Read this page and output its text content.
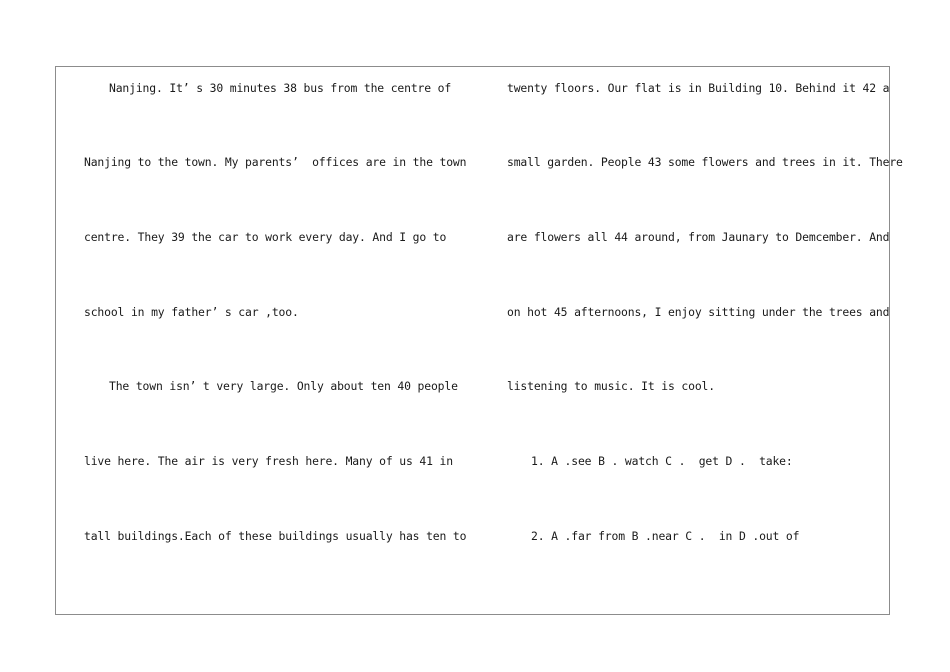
Nanjing. It’ s 30 minutes 38 bus from the centre of
Nanjing to the town. My parents’  offices are in the town
centre. They 39 the car to work every day. And I go to
school in my father’ s car ,too.
The town isn’ t very large. Only about ten 40 people
live here. The air is very fresh here. Many of us 41 in
tall buildings.Each of these buildings usually has ten to
twenty floors. Our flat is in Building 10. Behind it 42 a
small garden. People 43 some flowers and trees in it. There
are flowers all 44 around, from Jaunary to Demcember. And
on hot 45 afternoons, I enjoy sitting under the trees and
listening to music. It is cool.
1. A .see B . watch C .  get D .  take:
2. A .far from B .near C .  in D .out of
